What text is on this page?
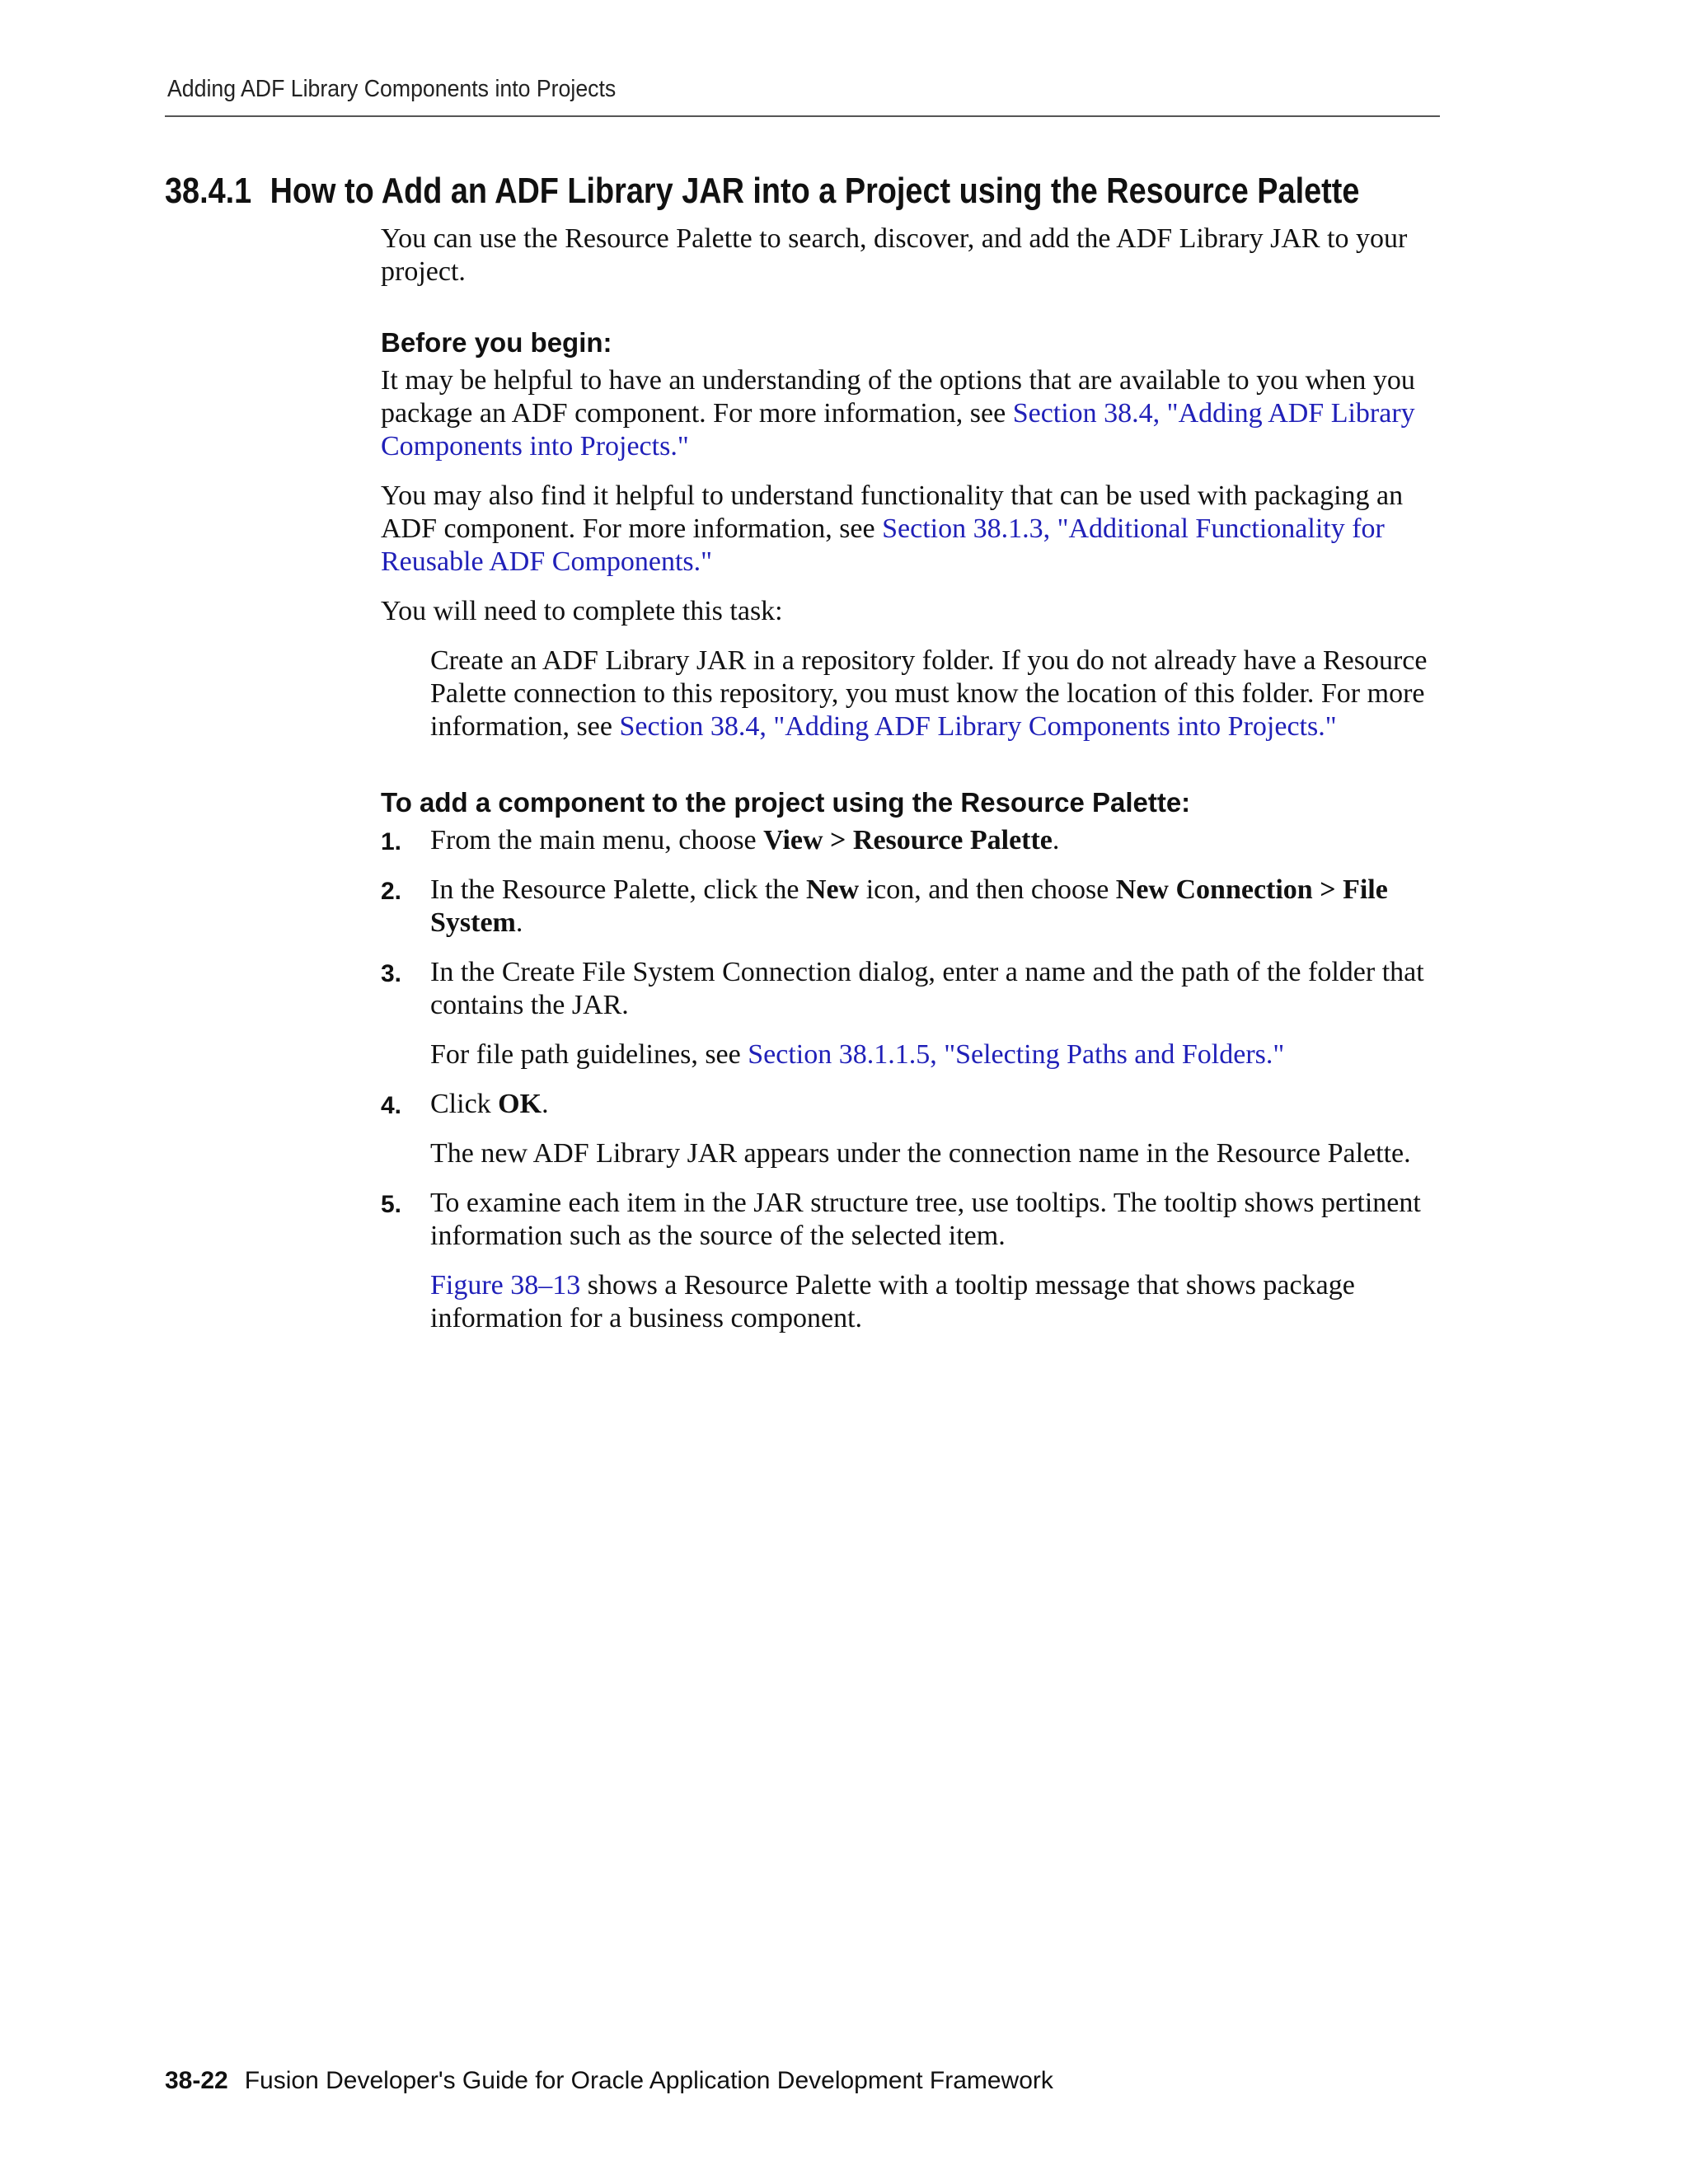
Adding ADF Library Components into Projects
38.4.1 How to Add an ADF Library JAR into a Project using the Resource Palette

You can use the Resource Palette to search, discover, and add the ADF Library JAR to your project.

Before you begin:

It may be helpful to have an understanding of the options that are available to you when you package an ADF component. For more information, see Section 38.4, "Adding ADF Library Components into Projects."

You may also find it helpful to understand functionality that can be used with packaging an ADF component. For more information, see Section 38.1.3, "Additional Functionality for Reusable ADF Components."

You will need to complete this task:

Create an ADF Library JAR in a repository folder. If you do not already have a Resource Palette connection to this repository, you must know the location of this folder. For more information, see Section 38.4, "Adding ADF Library Components into Projects."

To add a component to the project using the Resource Palette:
1. From the main menu, choose View > Resource Palette.
2. In the Resource Palette, click the New icon, and then choose New Connection > File System.
3. In the Create File System Connection dialog, enter a name and the path of the folder that contains the JAR.

For file path guidelines, see Section 38.1.1.5, "Selecting Paths and Folders."

4. Click OK.

The new ADF Library JAR appears under the connection name in the Resource Palette.

5. To examine each item in the JAR structure tree, use tooltips. The tooltip shows pertinent information such as the source of the selected item.

Figure 38–13 shows a Resource Palette with a tooltip message that shows package information for a business component.

38-22 Fusion Developer's Guide for Oracle Application Development Framework
